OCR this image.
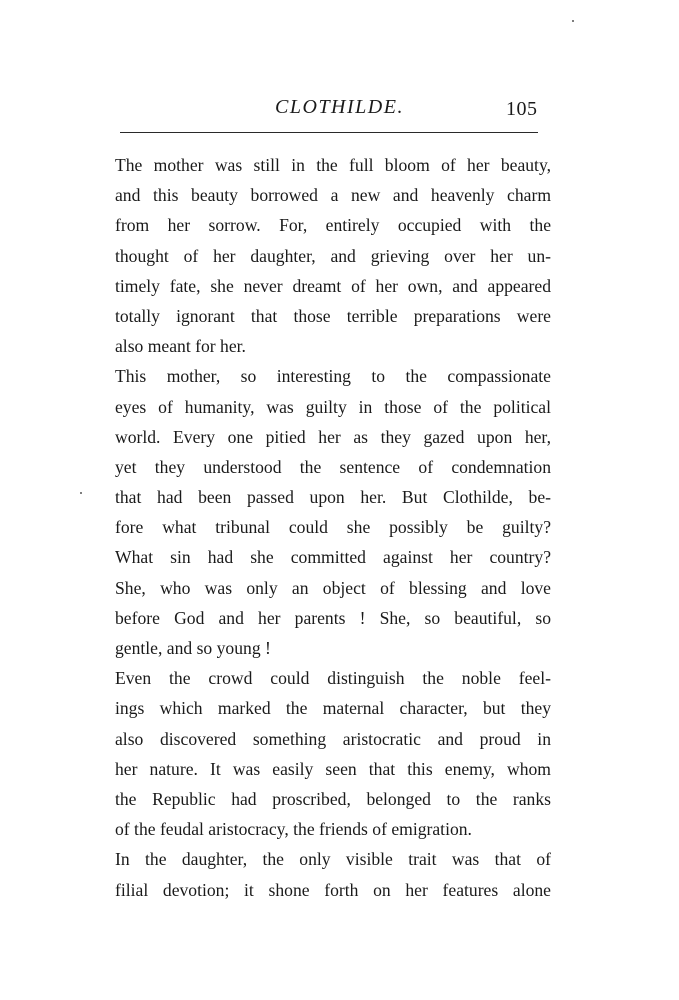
CLOTHILDE.	105
The mother was still in the full bloom of her beauty,
and this beauty borrowed a new and heavenly charm
from her sorrow. For, entirely occupied with the
thought of her daughter, and grieving over her un-
timely fate, she never dreamt of her own, and appeared
totally ignorant that those terrible preparations were
also meant for her.
This mother, so interesting to the compassionate
eyes of humanity, was guilty in those of the political
world. Every one pitied her as they gazed upon her,
yet they understood the sentence of condemnation
that had been passed upon her. But Clothilde, be-
fore what tribunal could she possibly be guilty?
What sin had she committed against her country?
She, who was only an object of blessing and love
before God and her parents ! She, so beautiful, so
gentle, and so young !
Even the crowd could distinguish the noble feel-
ings which marked the maternal character, but they
also discovered something aristocratic and proud in
her nature. It was easily seen that this enemy, whom
the Republic had proscribed, belonged to the ranks
of the feudal aristocracy, the friends of emigration.
In the daughter, the only visible trait was that of
filial devotion; it shone forth on her features alone
